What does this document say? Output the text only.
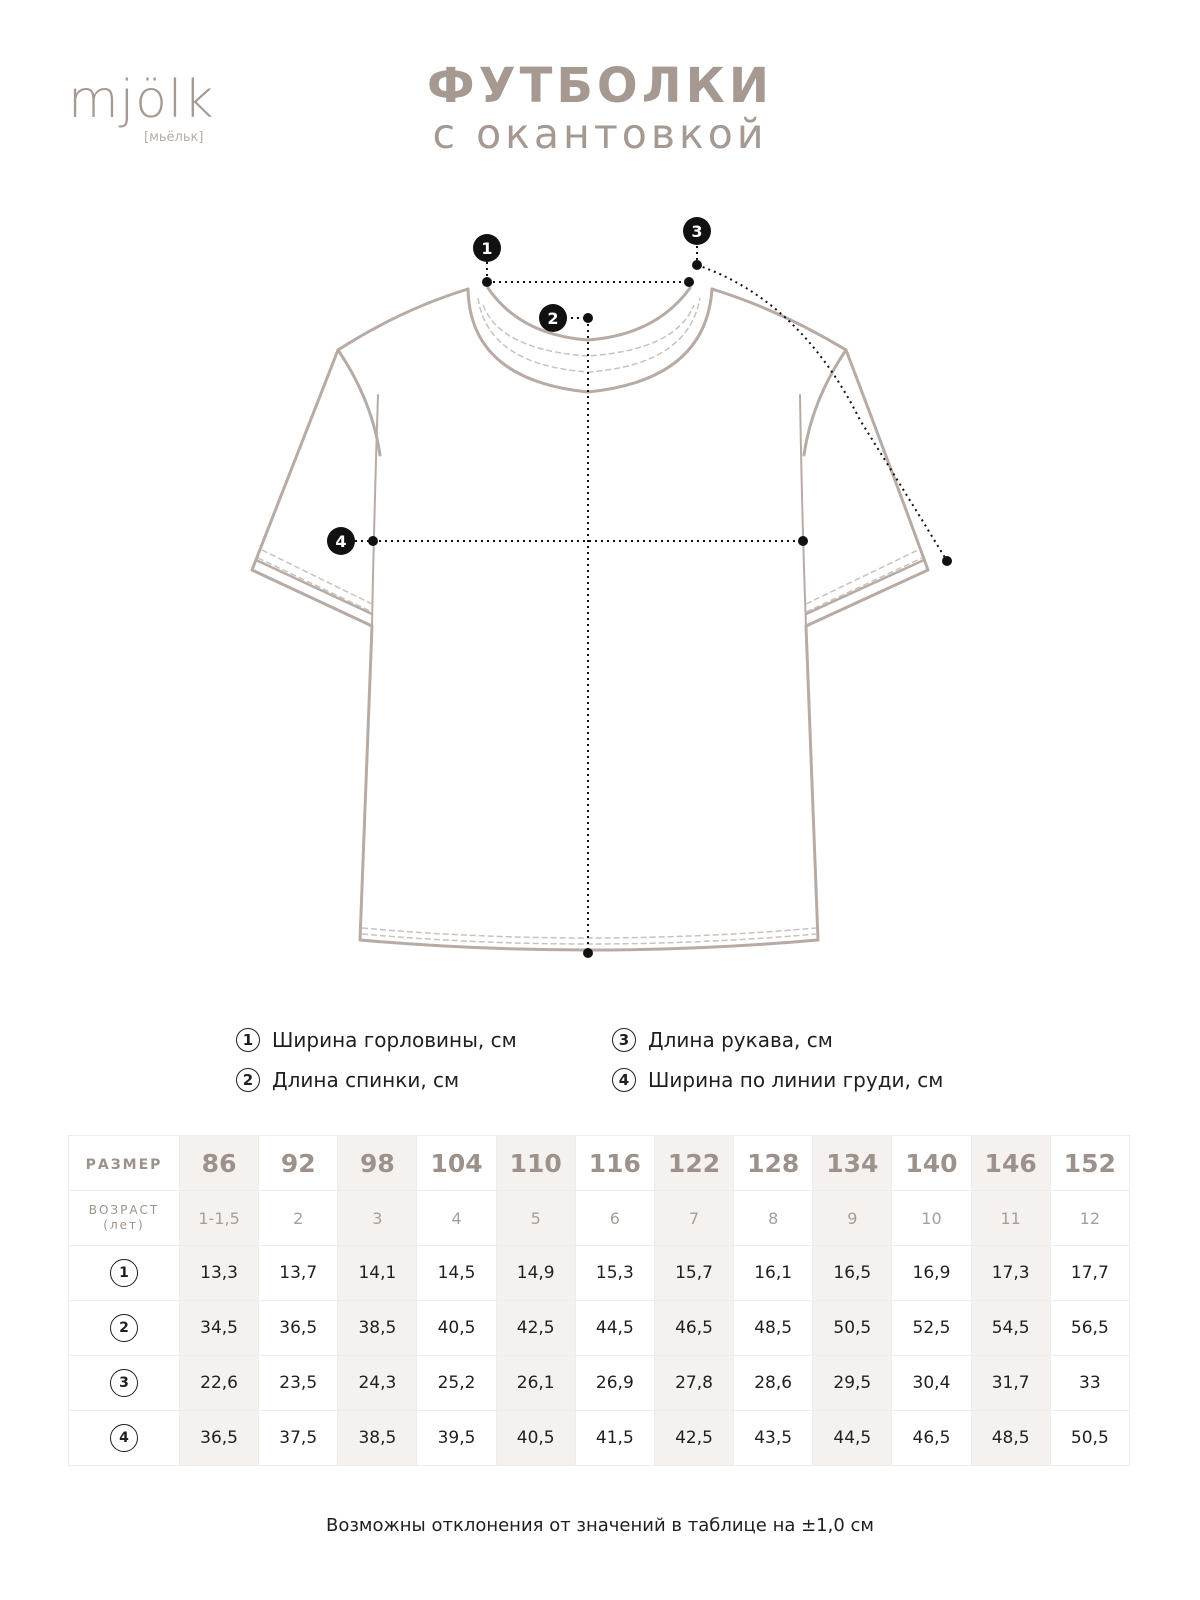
mjölk
[мьёльк]
ФУТБОЛКИ
с окантовкой
1
2
3
4
1 Ширина горловины, см
2 Длина спинки, см
3 Длина рукава, см
4 Ширина по линии груди, см
РАЗМЕР	86	92	98	104	110	116	122	128	134	140	146	152

ВОЗРАСТ
(лет)	1-1,5	2	3	4	5	6	7	8	9	10	11	12
1	13,3	13,7	14,1	14,5	14,9	15,3	15,7	16,1	16,5	16,9	17,3	17,7
2	34,5	36,5	38,5	40,5	42,5	44,5	46,5	48,5	50,5	52,5	54,5	56,5
3	22,6	23,5	24,3	25,2	26,1	26,9	27,8	28,6	29,5	30,4	31,7	33
4	36,5	37,5	38,5	39,5	40,5	41,5	42,5	43,5	44,5	46,5	48,5	50,5
Возможны отклонения от значений в таблице на ±1,0 см
